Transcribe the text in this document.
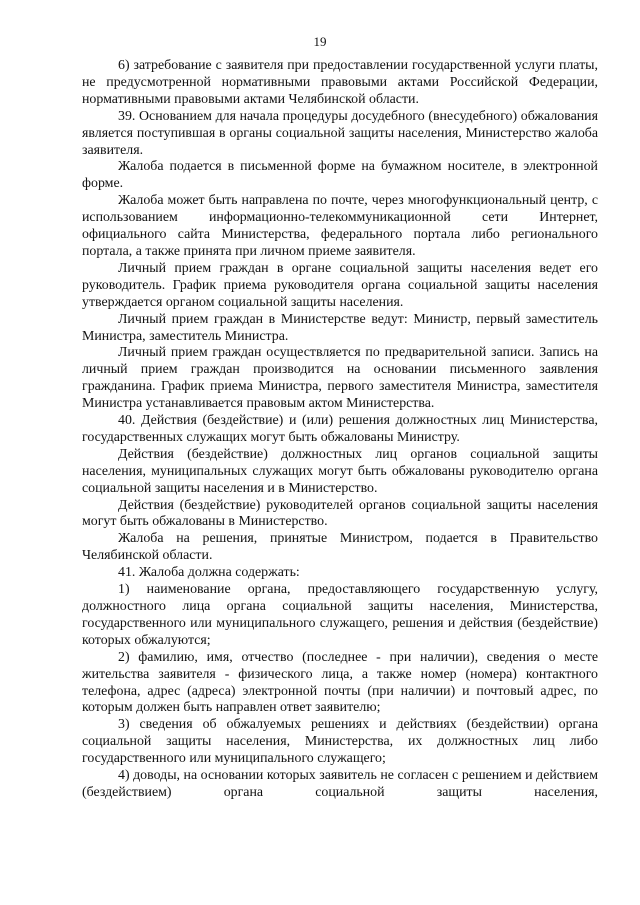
19

6) затребование с заявителя при предоставлении государственной услуги платы, не предусмотренной нормативными правовыми актами Российской Федерации, нормативными правовыми актами Челябинской области.

39. Основанием для начала процедуры досудебного (внесудебного) обжалования является поступившая в органы социальной защиты населения, Министерство жалоба заявителя.

Жалоба подается в письменной форме на бумажном носителе, в электронной форме.

Жалоба может быть направлена по почте, через многофункциональный центр, с использованием информационно-телекоммуникационной сети Интернет, официального сайта Министерства, федерального портала либо регионального портала, а также принята при личном приеме заявителя.

Личный прием граждан в органе социальной защиты населения ведет его руководитель. График приема руководителя органа социальной защиты населения утверждается органом социальной защиты населения.

Личный прием граждан в Министерстве ведут: Министр, первый заместитель Министра, заместитель Министра.

Личный прием граждан осуществляется по предварительной записи. Запись на личный прием граждан производится на основании письменного заявления гражданина. График приема Министра, первого заместителя Министра, заместителя Министра устанавливается правовым актом Министерства.

40. Действия (бездействие) и (или) решения должностных лиц Министерства, государственных служащих могут быть обжалованы Министру.

Действия (бездействие) должностных лиц органов социальной защиты населения, муниципальных служащих могут быть обжалованы руководителю органа социальной защиты населения и в Министерство.

Действия (бездействие) руководителей органов социальной защиты населения могут быть обжалованы в Министерство.

Жалоба на решения, принятые Министром, подается в Правительство Челябинской области.

41. Жалоба должна содержать:

1) наименование органа, предоставляющего государственную услугу, должностного лица органа социальной защиты населения, Министерства, государственного или муниципального служащего, решения и действия (бездействие) которых обжалуются;

2) фамилию, имя, отчество (последнее - при наличии), сведения о месте жительства заявителя - физического лица, а также номер (номера) контактного телефона, адрес (адреса) электронной почты (при наличии) и почтовый адрес, по которым должен быть направлен ответ заявителю;

3) сведения об обжалуемых решениях и действиях (бездействии) органа социальной защиты населения, Министерства, их должностных лиц либо государственного или муниципального служащего;

4) доводы, на основании которых заявитель не согласен с решением и действием (бездействием) органа социальной защиты населения,
